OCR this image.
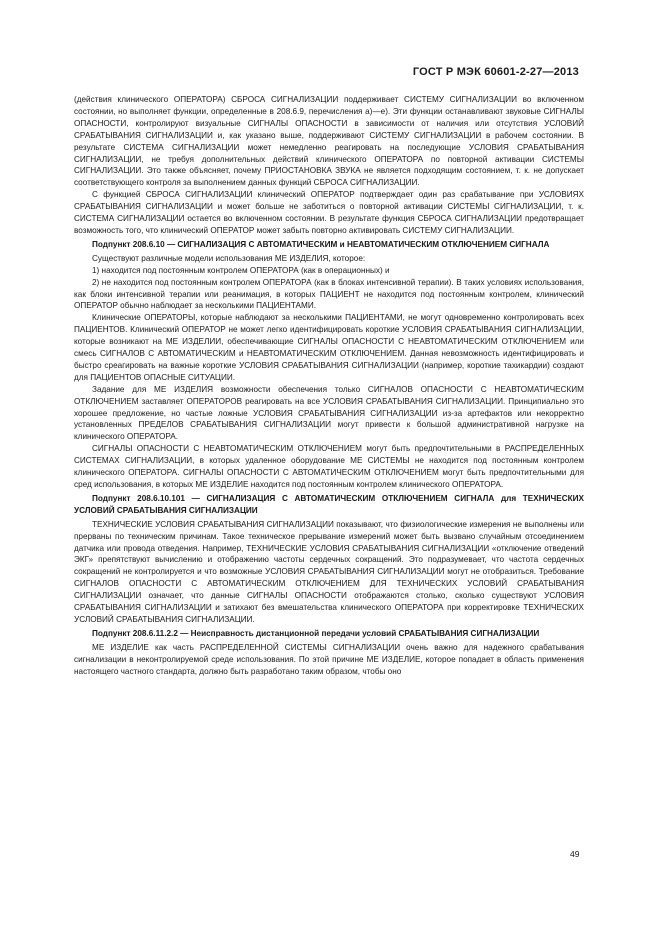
ГОСТ Р МЭК 60601-2-27—2013

(действия клинического ОПЕРАТОРА) СБРОСА СИГНАЛИЗАЦИИ поддерживает СИСТЕМУ СИГНАЛИЗАЦИИ во включенном состоянии, но выполняет функции, определенные в 208.6.9, перечисления а)—е). Эти функции останавливают звуковые СИГНАЛЫ ОПАСНОСТИ, контролируют визуальные СИГНАЛЫ ОПАСНОСТИ в зависимости от наличия или отсутствия УСЛОВИЙ СРАБАТЫВАНИЯ СИГНАЛИЗАЦИИ и, как указано выше, поддерживают СИСТЕМУ СИГНАЛИЗАЦИИ в рабочем состоянии. В результате СИСТЕМА СИГНАЛИЗАЦИИ может немедленно реагировать на последующие УСЛОВИЯ СРАБАТЫВАНИЯ СИГНАЛИЗАЦИИ, не требуя дополнительных действий клинического ОПЕРАТОРА по повторной активации СИСТЕМЫ СИГНАЛИЗАЦИИ. Это также объясняет, почему ПРИОСТАНОВКА ЗВУКА не является подходящим состоянием, т. к. не допускает соответствующего контроля за выполнением данных функций СБРОСА СИГНАЛИЗАЦИИ.

С функцией СБРОСА СИГНАЛИЗАЦИИ клинический ОПЕРАТОР подтверждает один раз срабатывание при УСЛОВИЯХ СРАБАТЫВАНИЯ СИГНАЛИЗАЦИИ и может больше не заботиться о повторной активации СИСТЕМЫ СИГНАЛИЗАЦИИ, т. к. СИСТЕМА СИГНАЛИЗАЦИИ остается во включенном состоянии. В результате функция СБРОСА СИГНАЛИЗАЦИИ предотвращает возможность того, что клинический ОПЕРАТОР может забыть повторно активировать СИСТЕМУ СИГНАЛИЗАЦИИ.

Подпункт 208.6.10 — СИГНАЛИЗАЦИЯ С АВТОМАТИЧЕСКИМ и НЕАВТОМАТИЧЕСКИМ ОТКЛЮЧЕНИЕМ СИГНАЛА

Существуют различные модели использования МЕ ИЗДЕЛИЯ, которое:

1) находится под постоянным контролем ОПЕРАТОРА (как в операционных) и

2) не находится под постоянным контролем ОПЕРАТОРА (как в блоках интенсивной терапии). В таких условиях использования, как блоки интенсивной терапии или реанимация, в которых ПАЦИЕНТ не находится под постоянным контролем, клинический ОПЕРАТОР обычно наблюдает за несколькими ПАЦИЕНТАМИ.

Клинические ОПЕРАТОРЫ, которые наблюдают за несколькими ПАЦИЕНТАМИ, не могут одновременно контролировать всех ПАЦИЕНТОВ. Клинический ОПЕРАТОР не может легко идентифицировать короткие УСЛОВИЯ СРАБАТЫВАНИЯ СИГНАЛИЗАЦИИ, которые возникают на МЕ ИЗДЕЛИИ, обеспечивающие СИГНАЛЫ ОПАСНОСТИ С НЕАВТОМАТИЧЕСКИМ ОТКЛЮЧЕНИЕМ или смесь СИГНАЛОВ С АВТОМАТИЧЕСКИМ и НЕАВТОМАТИЧЕСКИМ ОТКЛЮЧЕНИЕМ. Данная невозможность идентифицировать и быстро среагировать на важные короткие УСЛОВИЯ СРАБАТЫВАНИЯ СИГНАЛИЗАЦИИ (например, короткие тахикардии) создают для ПАЦИЕНТОВ ОПАСНЫЕ СИТУАЦИИ.

Задание для МЕ ИЗДЕЛИЯ возможности обеспечения только СИГНАЛОВ ОПАСНОСТИ С НЕАВТОМАТИЧЕСКИМ ОТКЛЮЧЕНИЕМ заставляет ОПЕРАТОРОВ реагировать на все УСЛОВИЯ СРАБАТЫВАНИЯ СИГНАЛИЗАЦИИ. Принципиально это хорошее предложение, но частые ложные УСЛОВИЯ СРАБАТЫВАНИЯ СИГНАЛИЗАЦИИ из-за артефактов или некорректно установленных ПРЕДЕЛОВ СРАБАТЫВАНИЯ СИГНАЛИЗАЦИИ могут привести к большой административной нагрузке на клинического ОПЕРАТОРА.

СИГНАЛЫ ОПАСНОСТИ С НЕАВТОМАТИЧЕСКИМ ОТКЛЮЧЕНИЕМ могут быть предпочтительными в РАСПРЕДЕЛЕННЫХ СИСТЕМАХ СИГНАЛИЗАЦИИ, в которых удаленное оборудование МЕ СИСТЕМЫ не находится под постоянным контролем клинического ОПЕРАТОРА. СИГНАЛЫ ОПАСНОСТИ С АВТОМАТИЧЕСКИМ ОТКЛЮЧЕНИЕМ могут быть предпочтительными для сред использования, в которых МЕ ИЗДЕЛИЕ находится под постоянным контролем клинического ОПЕРАТОРА.

Подпункт 208.6.10.101 — СИГНАЛИЗАЦИЯ С АВТОМАТИЧЕСКИМ ОТКЛЮЧЕНИЕМ СИГНАЛА для ТЕХНИЧЕСКИХ УСЛОВИЙ СРАБАТЫВАНИЯ СИГНАЛИЗАЦИИ

ТЕХНИЧЕСКИЕ УСЛОВИЯ СРАБАТЫВАНИЯ СИГНАЛИЗАЦИИ показывают, что физиологические измерения не выполнены или прерваны по техническим причинам. Такое техническое прерывание измерений может быть вызвано случайным отсоединением датчика или провода отведения. Например, ТЕХНИЧЕСКИЕ УСЛОВИЯ СРАБАТЫВАНИЯ СИГНАЛИЗАЦИИ «отключение отведений ЭКГ» препятствуют вычислению и отображению частоты сердечных сокращений. Это подразумевает, что частота сердечных сокращений не контролируется и что возможные УСЛОВИЯ СРАБАТЫВАНИЯ СИГНАЛИЗАЦИИ могут не отобразиться. Требование СИГНАЛОВ ОПАСНОСТИ С АВТОМАТИЧЕСКИМ ОТКЛЮЧЕНИЕМ ДЛЯ ТЕХНИЧЕСКИХ УСЛОВИЙ СРАБАТЫВАНИЯ СИГНАЛИЗАЦИИ означает, что данные СИГНАЛЫ ОПАСНОСТИ отображаются столько, сколько существуют УСЛОВИЯ СРАБАТЫВАНИЯ СИГНАЛИЗАЦИИ и затихают без вмешательства клинического ОПЕРАТОРА при корректировке ТЕХНИЧЕСКИХ УСЛОВИЙ СРАБАТЫВАНИЯ СИГНАЛИЗАЦИИ.

Подпункт 208.6.11.2.2 — Неисправность дистанционной передачи условий СРАБАТЫВАНИЯ СИГНАЛИЗАЦИИ

МЕ ИЗДЕЛИЕ как часть РАСПРЕДЕЛЕННОЙ СИСТЕМЫ СИГНАЛИЗАЦИИ очень важно для надежного срабатывания сигнализации в неконтролируемой среде использования. По этой причине МЕ ИЗДЕЛИЕ, которое попадает в область применения настоящего частного стандарта, должно быть разработано таким образом, чтобы оно

49
